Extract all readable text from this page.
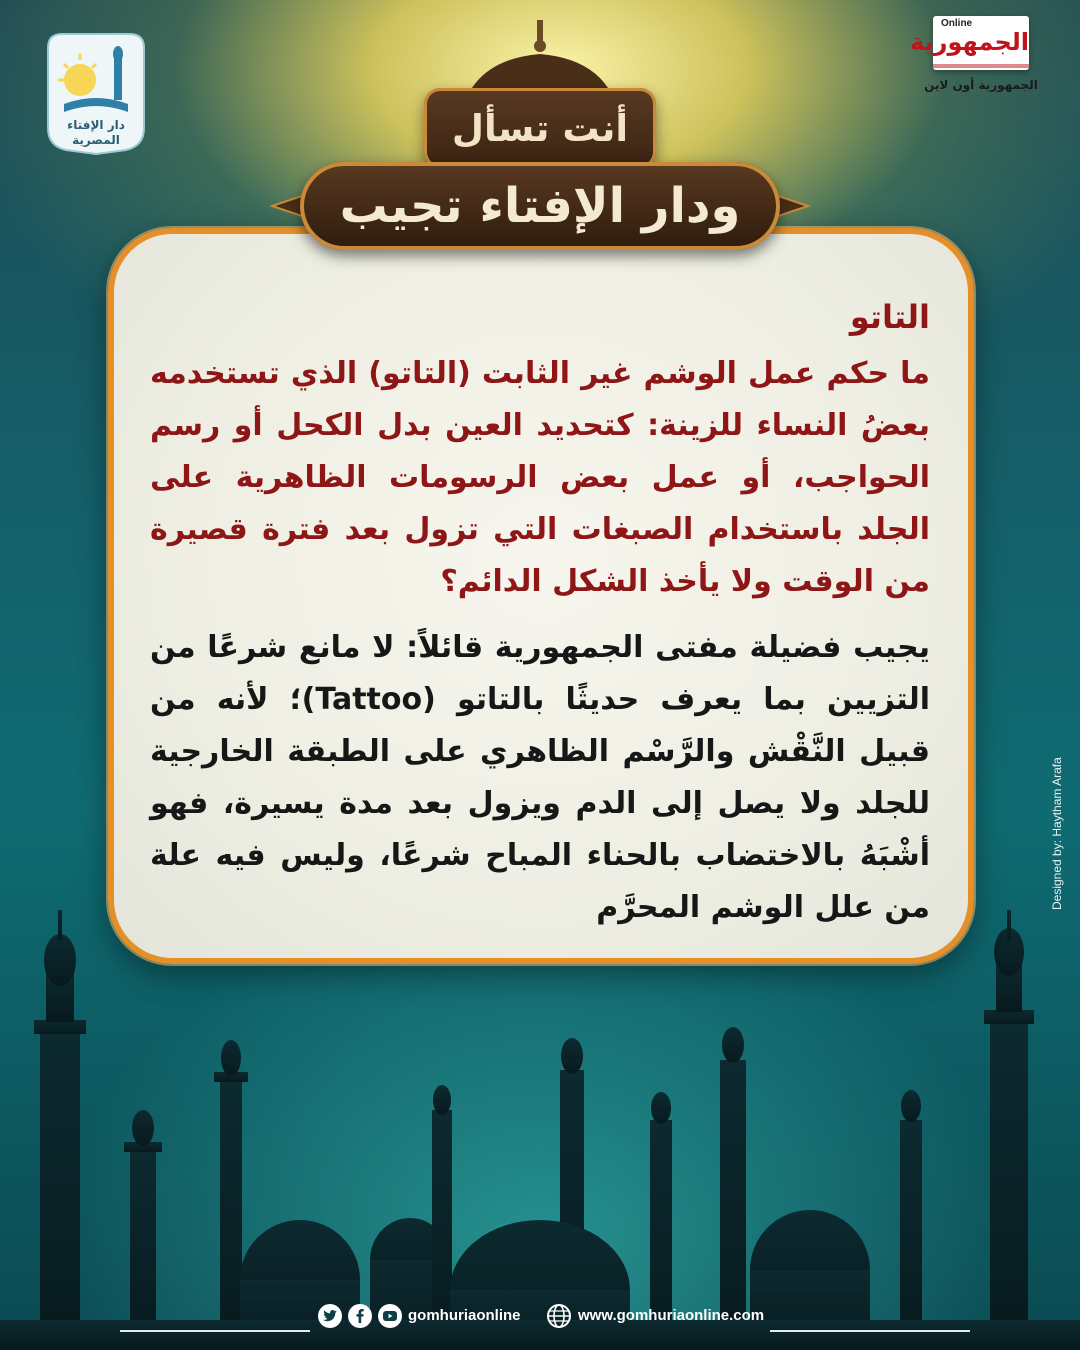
دار الإفتاء
المصرية
Online
الجمهورية
الجمهورية أون لاين
أنت تسأل
ودار الإفتاء تجيب

التاتو

ما حكم عمل الوشم غير الثابت (التاتو) الذي تستخدمه بعضُ النساء للزينة: كتحديد العين بدل الكحل أو رسم الحواجب، أو عمل بعض الرسومات الظاهرية على الجلد باستخدام الصبغات التي تزول بعد فترة قصيرة من الوقت ولا يأخذ الشكل الدائم؟

يجيب فضيلة مفتى الجمهورية قائلاً: لا مانع شرعًا من التزيين بما يعرف حديثًا بالتاتو (Tattoo)؛ لأنه من قبيل النَّقْش والرَّسْم الظاهري على الطبقة الخارجية للجلد ولا يصل إلى الدم ويزول بعد مدة يسيرة، فهو أشْبَهُ بالاختضاب بالحناء المباح شرعًا، وليس فيه علة من علل الوشم المحرَّم	Designed by: Haytham Arafa
gomhuriaonline	www.gomhuriaonline.com
